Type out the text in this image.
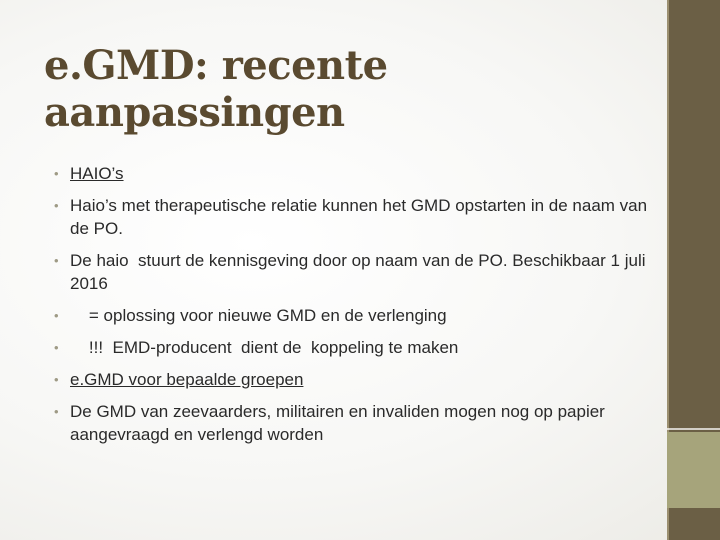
e.GMD: recente aanpassingen
• HAIO’s
• Haio’s met therapeutische relatie kunnen het GMD opstarten in de naam van de PO.
• De haio  stuurt de kennisgeving door op naam van de PO. Beschikbaar 1 juli 2016
• = oplossing voor nieuwe GMD en de verlenging
• !!!  EMD-producent  dient de  koppeling te maken
• e.GMD voor bepaalde groepen
• De GMD van zeevaarders, militairen en invaliden mogen nog op papier aangevraagd en verlengd worden
